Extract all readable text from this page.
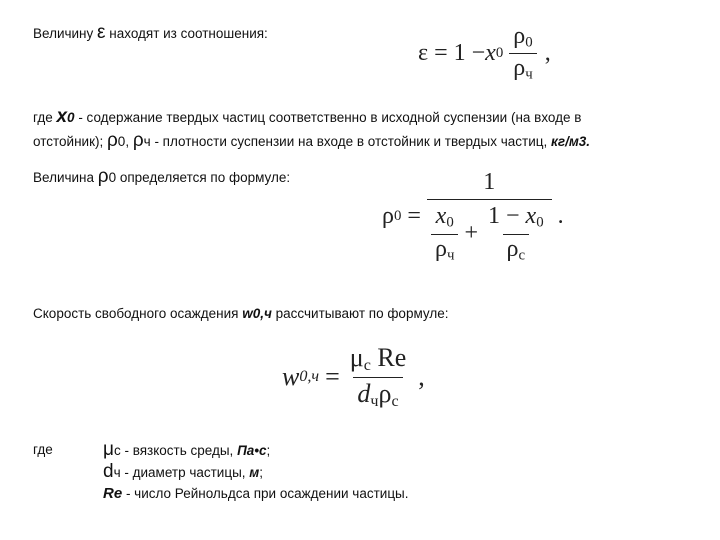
Величину ε находят из соотношения:
ε = 1 − x $0 \frac{\rho_0}{\rho_ч}$ ,
где x0 - содержание твердых частиц соответственно в исходной суспензии (на входе в
отстойник); ρ0, ρч - плотности суспензии на входе в отстойник и твердых частиц, кг/м3.
Величина ρ0 определяется по формуле:
ρ 0 =
1
$\frac{x_0}{\rho_ч} + \frac{1 - x_0}{\rho_с}$ .
Скорость свободного осаждения w0,ч рассчитывают по формуле:
w $0,ч = \frac{\mu_с Re}{d_ч\rho_с}$ ,
где	μс - вязкость среды, Па•с;
dч - диаметр частицы, м;
Re - число Рейнольдса при осаждении частицы.
